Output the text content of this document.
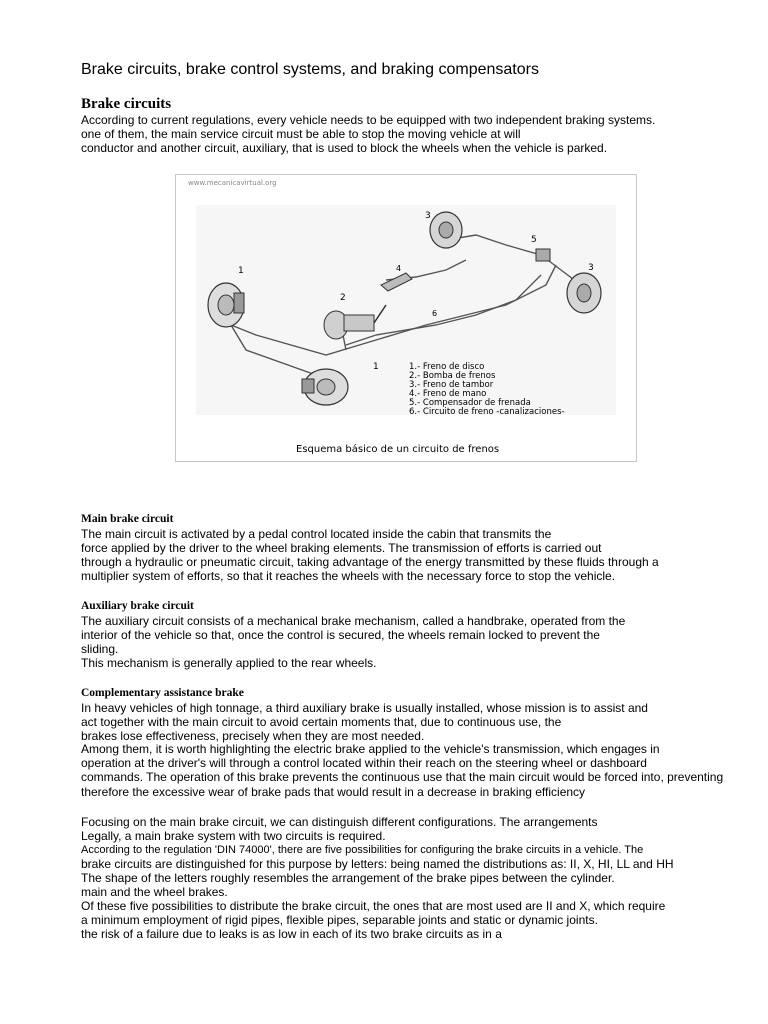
Brake circuits, brake control systems, and braking compensators
Brake circuits
According to current regulations, every vehicle needs to be equipped with two independent braking systems.
one of them, the main service circuit must be able to stop the moving vehicle at will
conductor and another circuit, auxiliary, that is used to block the wheels when the vehicle is parked.
www.mecanicavirtual.org
1
1
2
3
3
4
5
6
1.- Freno de disco
2.- Bomba de frenos
3.- Freno de tambor
4.- Freno de mano
5.- Compensador de frenada
6.- Circuito de freno -canalizaciones-
Esquema básico de un circuito de frenos
Main brake circuit
The main circuit is activated by a pedal control located inside the cabin that transmits the
force applied by the driver to the wheel braking elements. The transmission of efforts is carried out
through a hydraulic or pneumatic circuit, taking advantage of the energy transmitted by these fluids through a
multiplier system of efforts, so that it reaches the wheels with the necessary force to stop the vehicle.
Auxiliary brake circuit
The auxiliary circuit consists of a mechanical brake mechanism, called a handbrake, operated from the
interior of the vehicle so that, once the control is secured, the wheels remain locked to prevent the
sliding.
This mechanism is generally applied to the rear wheels.
Complementary assistance brake
In heavy vehicles of high tonnage, a third auxiliary brake is usually installed, whose mission is to assist and
act together with the main circuit to avoid certain moments that, due to continuous use, the
brakes lose effectiveness, precisely when they are most needed.
Among them, it is worth highlighting the electric brake applied to the vehicle's transmission, which engages in
operation at the driver's will through a control located within their reach on the steering wheel or dashboard
commands. The operation of this brake prevents the continuous use that the main circuit would be forced into, preventing
therefore the excessive wear of brake pads that would result in a decrease in braking efficiency
Focusing on the main brake circuit, we can distinguish different configurations. The arrangements
Legally, a main brake system with two circuits is required.
According to the regulation 'DIN 74000', there are five possibilities for configuring the brake circuits in a vehicle. The
brake circuits are distinguished for this purpose by letters: being named the distributions as: II, X, HI, LL and HH
The shape of the letters roughly resembles the arrangement of the brake pipes between the cylinder.
main and the wheel brakes.
Of these five possibilities to distribute the brake circuit, the ones that are most used are II and X, which require
a minimum employment of rigid pipes, flexible pipes, separable joints and static or dynamic joints.
the risk of a failure due to leaks is as low in each of its two brake circuits as in a
